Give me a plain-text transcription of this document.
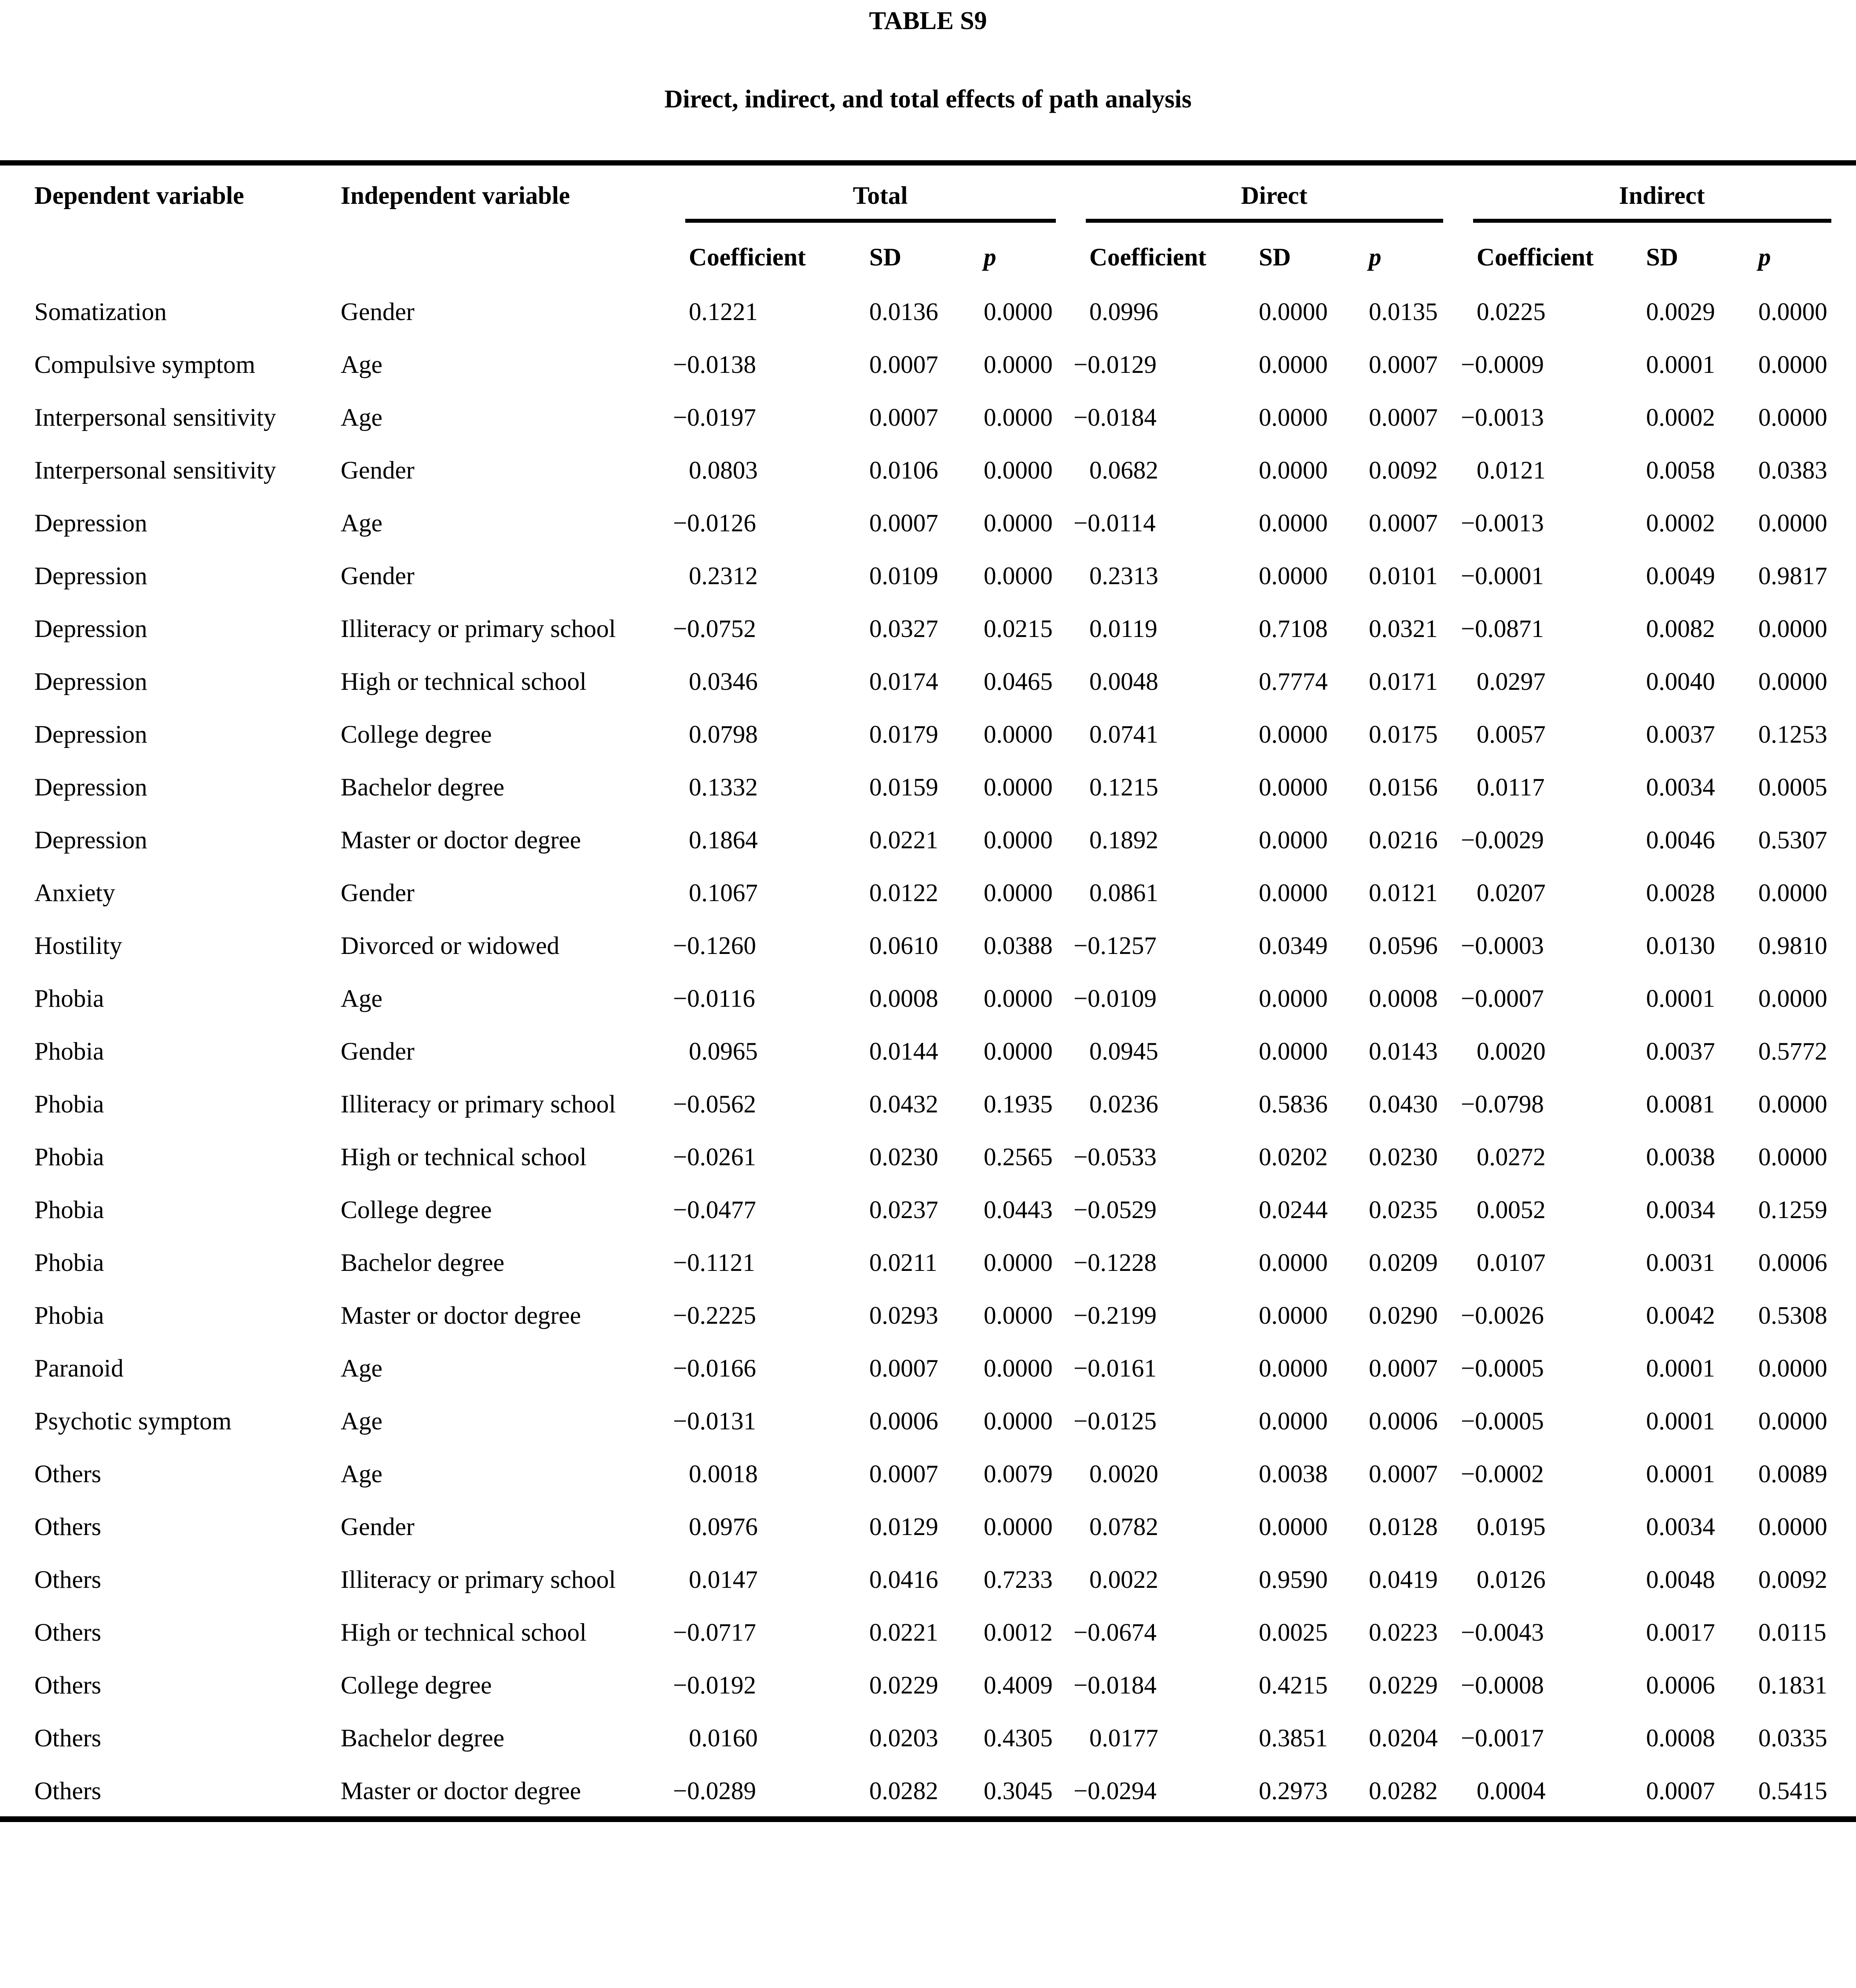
TABLE S9
Direct, indirect, and total effects of path analysis
Dependent variable	Independent variable	Total			Direct			Indirect		
		Coefficient	SD	p	Coefficient	SD	p	Coefficient	SD	p
Somatization	Gender	0.1221	0.0136	0.0000	0.0996	0.0000	0.0135	0.0225	0.0029	0.0000
Compulsive symptom	Age	−0.0138	0.0007	0.0000	−0.0129	0.0000	0.0007	−0.0009	0.0001	0.0000
Interpersonal sensitivity	Age	−0.0197	0.0007	0.0000	−0.0184	0.0000	0.0007	−0.0013	0.0002	0.0000
Interpersonal sensitivity	Gender	0.0803	0.0106	0.0000	0.0682	0.0000	0.0092	0.0121	0.0058	0.0383
Depression	Age	−0.0126	0.0007	0.0000	−0.0114	0.0000	0.0007	−0.0013	0.0002	0.0000
Depression	Gender	0.2312	0.0109	0.0000	0.2313	0.0000	0.0101	−0.0001	0.0049	0.9817
Depression	Illiteracy or primary school	−0.0752	0.0327	0.0215	0.0119	0.7108	0.0321	−0.0871	0.0082	0.0000
Depression	High or technical school	0.0346	0.0174	0.0465	0.0048	0.7774	0.0171	0.0297	0.0040	0.0000
Depression	College degree	0.0798	0.0179	0.0000	0.0741	0.0000	0.0175	0.0057	0.0037	0.1253
Depression	Bachelor degree	0.1332	0.0159	0.0000	0.1215	0.0000	0.0156	0.0117	0.0034	0.0005
Depression	Master or doctor degree	0.1864	0.0221	0.0000	0.1892	0.0000	0.0216	−0.0029	0.0046	0.5307
Anxiety	Gender	0.1067	0.0122	0.0000	0.0861	0.0000	0.0121	0.0207	0.0028	0.0000
Hostility	Divorced or widowed	−0.1260	0.0610	0.0388	−0.1257	0.0349	0.0596	−0.0003	0.0130	0.9810
Phobia	Age	−0.0116	0.0008	0.0000	−0.0109	0.0000	0.0008	−0.0007	0.0001	0.0000
Phobia	Gender	0.0965	0.0144	0.0000	0.0945	0.0000	0.0143	0.0020	0.0037	0.5772
Phobia	Illiteracy or primary school	−0.0562	0.0432	0.1935	0.0236	0.5836	0.0430	−0.0798	0.0081	0.0000
Phobia	High or technical school	−0.0261	0.0230	0.2565	−0.0533	0.0202	0.0230	0.0272	0.0038	0.0000
Phobia	College degree	−0.0477	0.0237	0.0443	−0.0529	0.0244	0.0235	0.0052	0.0034	0.1259
Phobia	Bachelor degree	−0.1121	0.0211	0.0000	−0.1228	0.0000	0.0209	0.0107	0.0031	0.0006
Phobia	Master or doctor degree	−0.2225	0.0293	0.0000	−0.2199	0.0000	0.0290	−0.0026	0.0042	0.5308
Paranoid	Age	−0.0166	0.0007	0.0000	−0.0161	0.0000	0.0007	−0.0005	0.0001	0.0000
Psychotic symptom	Age	−0.0131	0.0006	0.0000	−0.0125	0.0000	0.0006	−0.0005	0.0001	0.0000
Others	Age	0.0018	0.0007	0.0079	0.0020	0.0038	0.0007	−0.0002	0.0001	0.0089
Others	Gender	0.0976	0.0129	0.0000	0.0782	0.0000	0.0128	0.0195	0.0034	0.0000
Others	Illiteracy or primary school	0.0147	0.0416	0.7233	0.0022	0.9590	0.0419	0.0126	0.0048	0.0092
Others	High or technical school	−0.0717	0.0221	0.0012	−0.0674	0.0025	0.0223	−0.0043	0.0017	0.0115
Others	College degree	−0.0192	0.0229	0.4009	−0.0184	0.4215	0.0229	−0.0008	0.0006	0.1831
Others	Bachelor degree	0.0160	0.0203	0.4305	0.0177	0.3851	0.0204	−0.0017	0.0008	0.0335
Others	Master or doctor degree	−0.0289	0.0282	0.3045	−0.0294	0.2973	0.0282	0.0004	0.0007	0.5415
